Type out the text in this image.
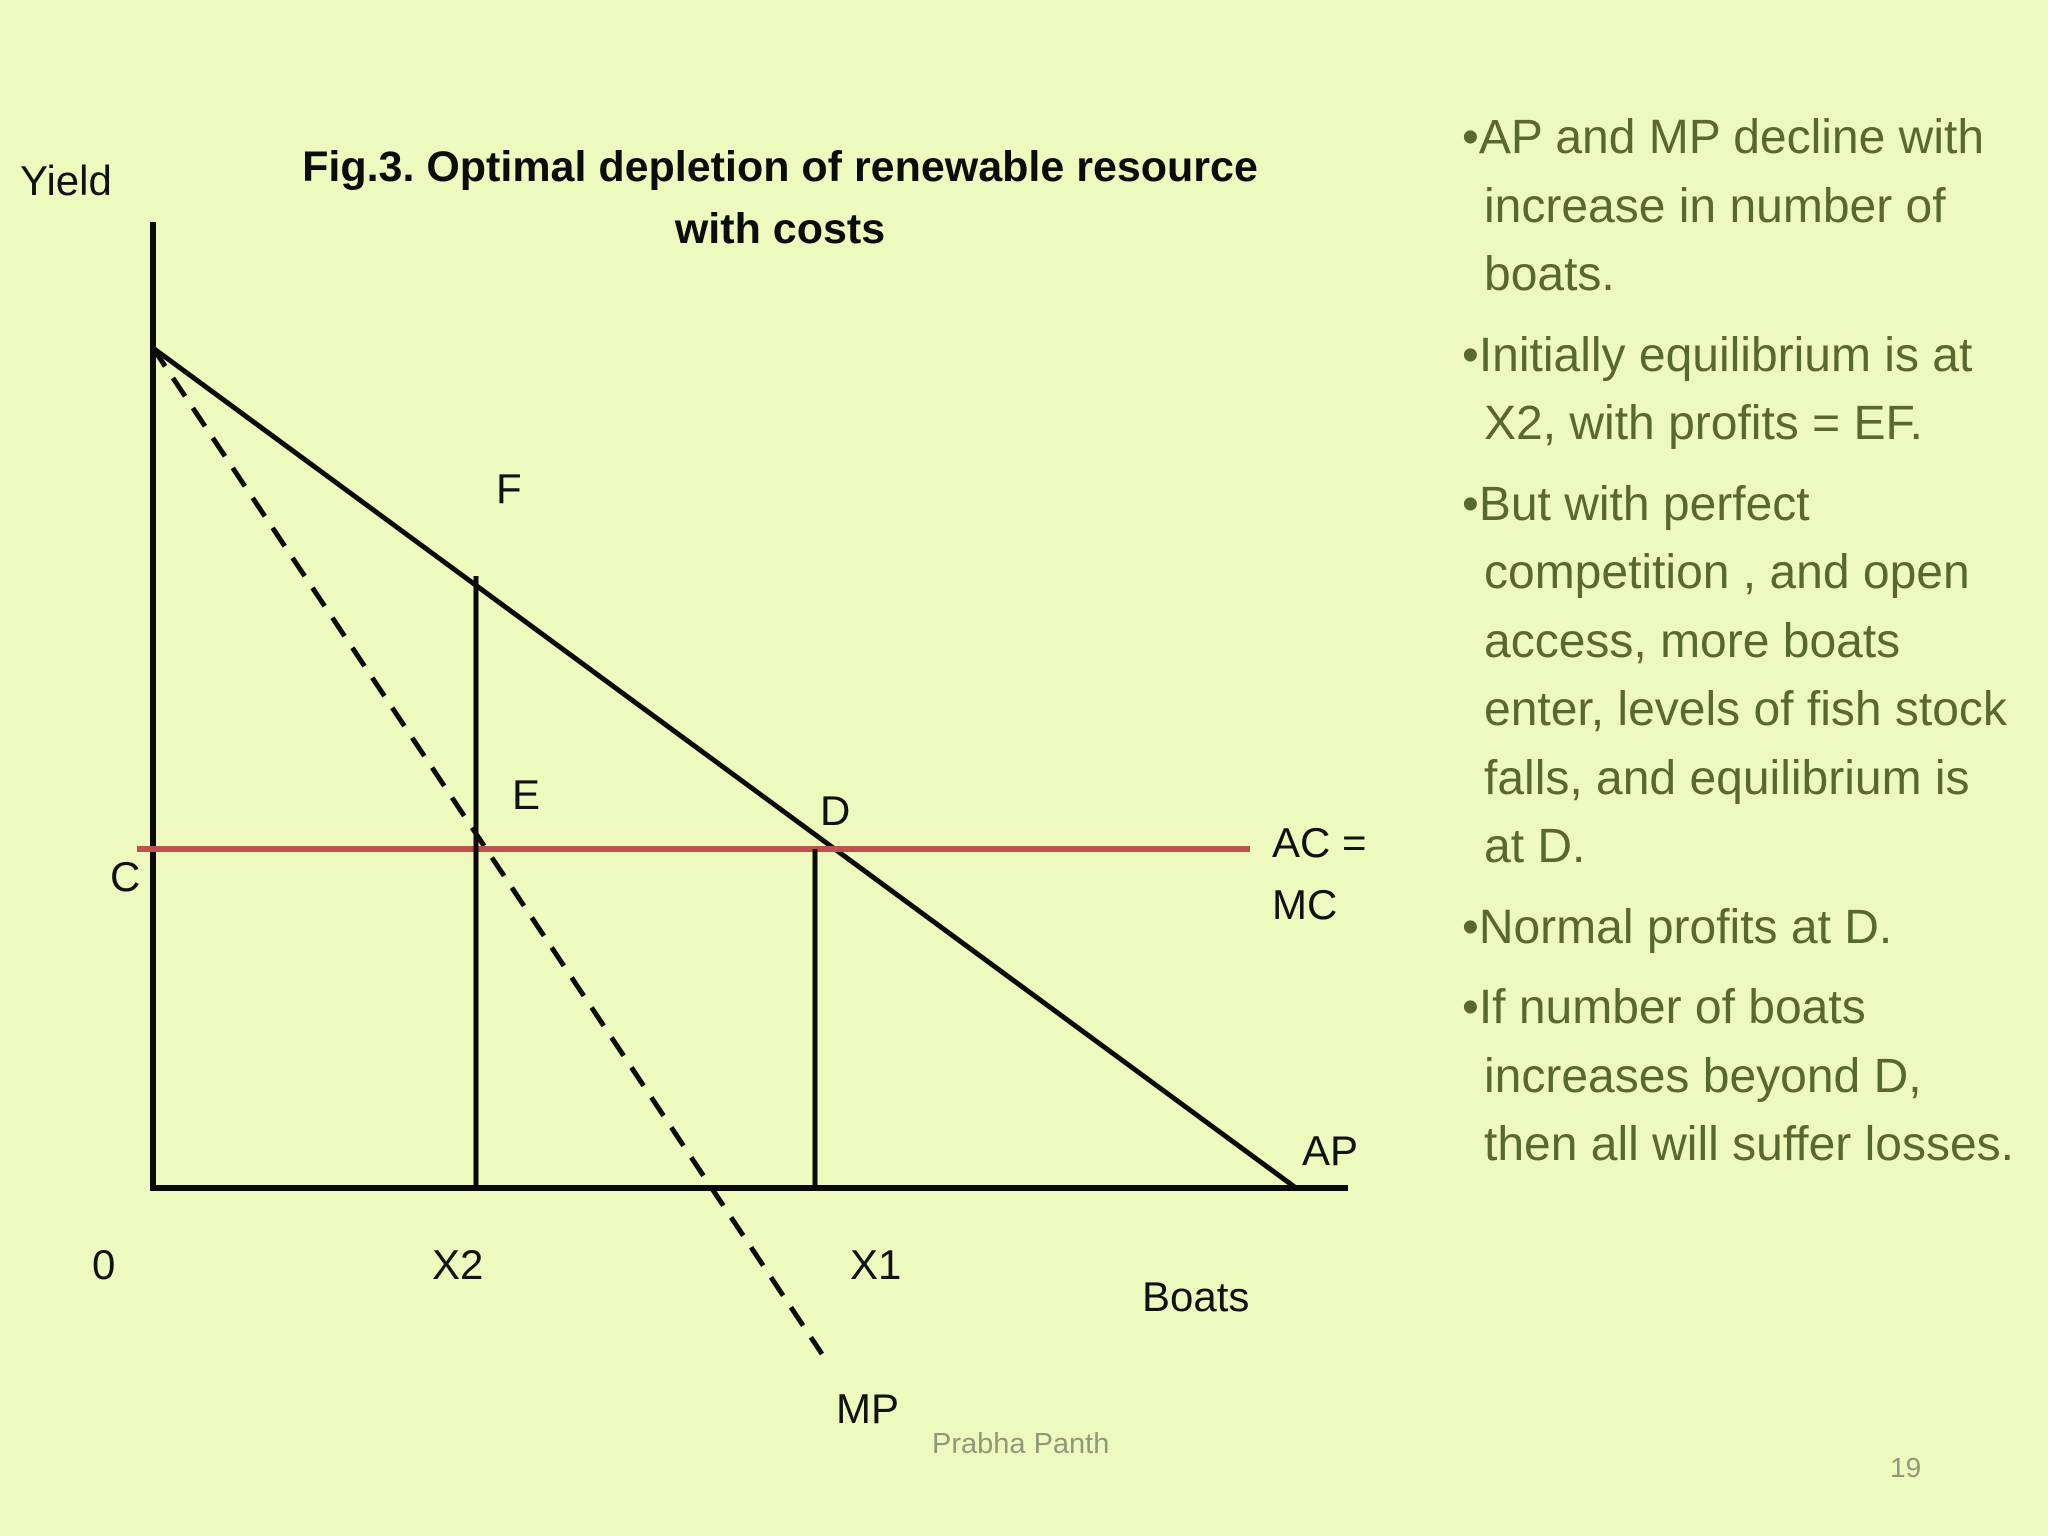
Fig.3. Optimal depletion of renewable resource
with costs
Yield
0
C
F
E	D
AC =
MC
AP
X2	X1
Boats
MP
• AP and MP decline with increase in number of boats.
• Initially equilibrium is at X2, with profits = EF.
• But with perfect competition , and open access, more boats enter, levels of fish stock falls, and equilibrium is at D.
• Normal profits at D.
• If number of boats increases beyond D, then all will suffer losses.
Prabha Panth
19
